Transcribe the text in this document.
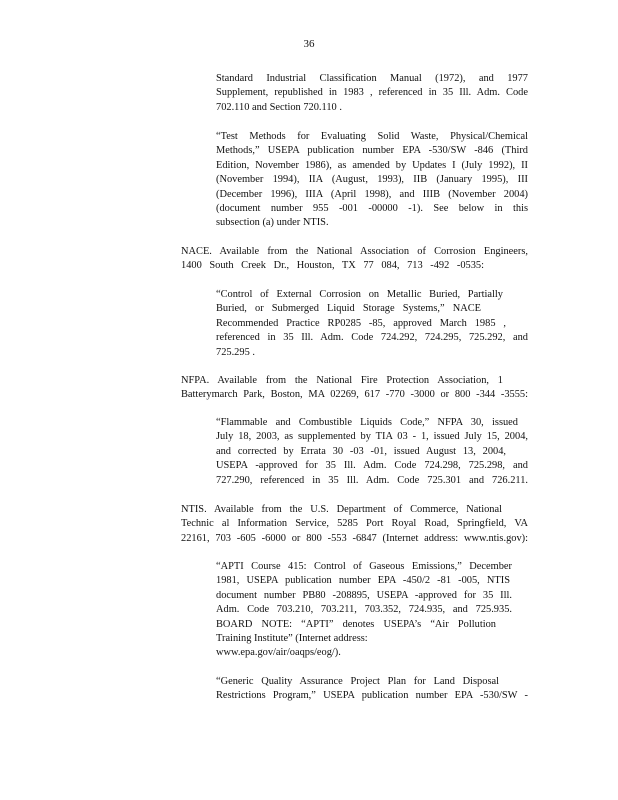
36
Standard Industrial Classification Manual (1972), and 1977
Supplement, republished in 1983 , referenced in 35 Ill. Adm. Code
702.110 and Section 720.110 .
“Test Methods for Evaluating Solid Waste, Physical/Chemical
Methods,” USEPA publication number EPA -530/SW -846 (Third
Edition, November 1986), as amended by Updates I (July 1992), II
(November 1994), IIA (August, 1993), IIB (January 1995), III
(December 1996), IIIA (April 1998), and IIIB (November 2004)
(document number 955 -001 -00000 -1). See below in this
subsection (a) under NTIS.
NACE. Available from the National Association of Corrosion Engineers,
1400 South Creek Dr., Houston, TX 77 084, 713 -492 -0535:
“Control of External Corrosion on Metallic Buried, Partially
Buried, or Submerged Liquid Storage Systems,” NACE
Recommended Practice RP0285 -85, approved March 1985 ,
referenced in 35 Ill. Adm. Code 724.292, 724.295, 725.292, and
725.295 .
NFPA. Available from the National Fire Protection Association, 1
Batterymarch Park, Boston, MA 02269, 617 -770 -3000 or 800 -344 -3555:
“Flammable and Combustible Liquids Code,” NFPA 30, issued
July 18, 2003, as supplemented by TIA 03 - 1, issued July 15, 2004,
and corrected by Errata 30 -03 -01, issued August 13, 2004,
USEPA -approved for 35 Ill. Adm. Code 724.298, 725.298, and
727.290, referenced in 35 Ill. Adm. Code 725.301 and 726.211.
NTIS. Available from the U.S. Department of Commerce, National
Technic al Information Service, 5285 Port Royal Road, Springfield, VA
22161, 703 -605 -6000 or 800 -553 -6847 (Internet address: www.ntis.gov):
“APTI Course 415: Control of Gaseous Emissions,” December
1981, USEPA publication number EPA -450/2 -81 -005, NTIS
document number PB80 -208895, USEPA -approved for 35 Ill.
Adm. Code 703.210, 703.211, 703.352, 724.935, and 725.935.
BOARD NOTE: “APTI” denotes USEPA’s “Air Pollution
Training Institute” (Internet address:
www.epa.gov/air/oaqps/eog/).
“Generic Quality Assurance Project Plan for Land Disposal
Restrictions Program,” USEPA publication number EPA -530/SW -
